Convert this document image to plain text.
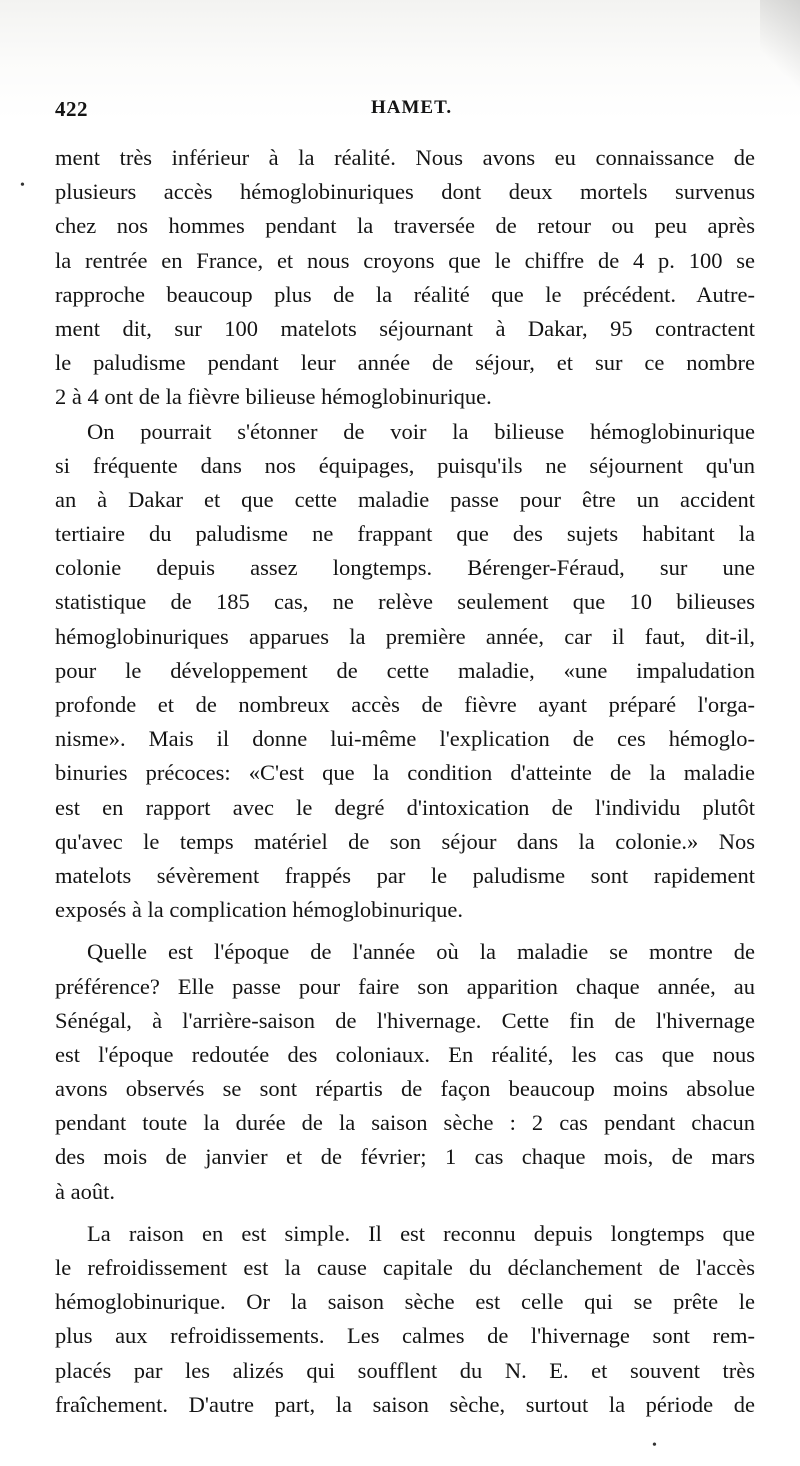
422	HAMET.
•
ment très inférieur à la réalité. Nous avons eu connaissance de
plusieurs accès hémoglobinuriques dont deux mortels survenus
chez nos hommes pendant la traversée de retour ou peu après
la rentrée en France, et nous croyons que le chiffre de 4 p. 100 se
rapproche beaucoup plus de la réalité que le précédent. Autre-
ment dit, sur 100 matelots séjournant à Dakar, 95 contractent
le paludisme pendant leur année de séjour, et sur ce nombre
2 à 4 ont de la fièvre bilieuse hémoglobinurique.
On pourrait s'étonner de voir la bilieuse hémoglobinurique
si fréquente dans nos équipages, puisqu'ils ne séjournent qu'un
an à Dakar et que cette maladie passe pour être un accident
tertiaire du paludisme ne frappant que des sujets habitant la
colonie depuis assez longtemps. Bérenger-Féraud, sur une
statistique de 185 cas, ne relève seulement que 10 bilieuses
hémoglobinuriques apparues la première année, car il faut, dit-il,
pour le développement de cette maladie, «une impaludation
profonde et de nombreux accès de fièvre ayant préparé l'orga-
nisme». Mais il donne lui-même l'explication de ces hémoglo-
binuries précoces: «C'est que la condition d'atteinte de la maladie
est en rapport avec le degré d'intoxication de l'individu plutôt
qu'avec le temps matériel de son séjour dans la colonie.» Nos
matelots sévèrement frappés par le paludisme sont rapidement
exposés à la complication hémoglobinurique.
Quelle est l'époque de l'année où la maladie se montre de
préférence? Elle passe pour faire son apparition chaque année, au
Sénégal, à l'arrière-saison de l'hivernage. Cette fin de l'hivernage
est l'époque redoutée des coloniaux. En réalité, les cas que nous
avons observés se sont répartis de façon beaucoup moins absolue
pendant toute la durée de la saison sèche : 2 cas pendant chacun
des mois de janvier et de février; 1 cas chaque mois, de mars
à août.
La raison en est simple. Il est reconnu depuis longtemps que
le refroidissement est la cause capitale du déclanchement de l'accès
hémoglobinurique. Or la saison sèche est celle qui se prête le
plus aux refroidissements. Les calmes de l'hivernage sont rem-
placés par les alizés qui soufflent du N. E. et souvent très
fraîchement. D'autre part, la saison sèche, surtout la période de
•
